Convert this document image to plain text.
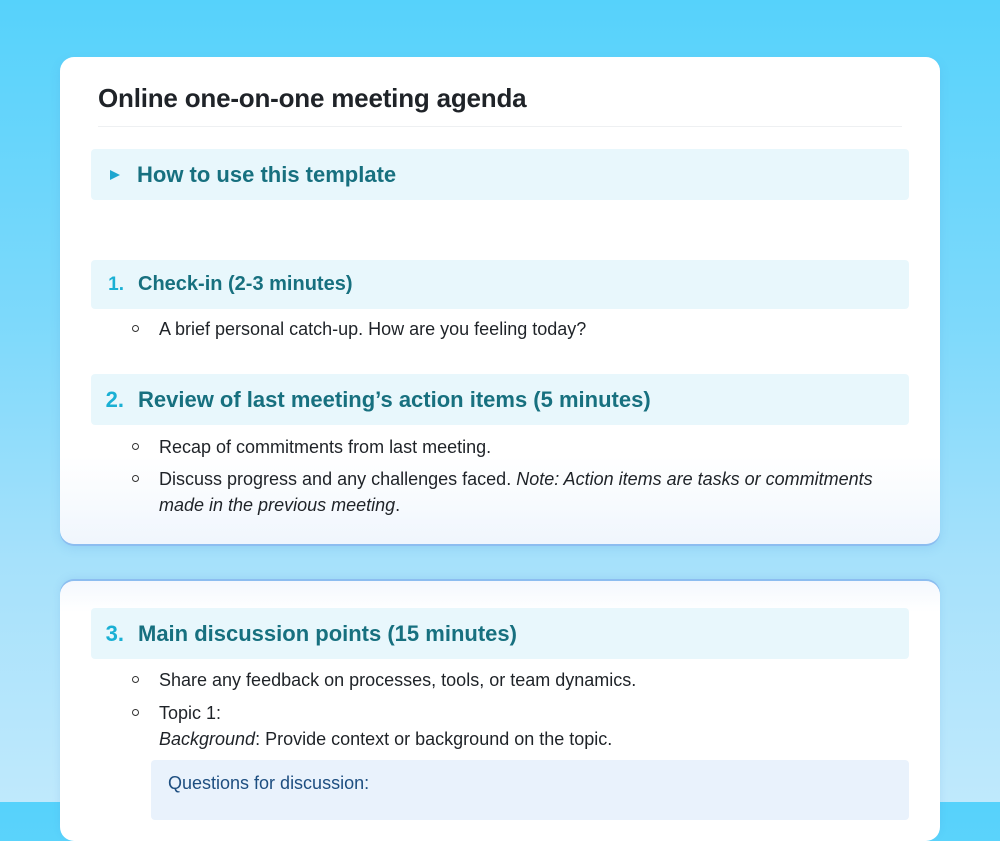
Online one-on-one meeting agenda
How to use this template
1. Check-in (2-3 minutes)
A brief personal catch-up. How are you feeling today?
2. Review of last meeting’s action items (5 minutes)
Recap of commitments from last meeting.
Discuss progress and any challenges faced. Note: Action items are tasks or commitments made in the previous meeting.
3. Main discussion points (15 minutes)
Share any feedback on processes, tools, or team dynamics.
Topic 1:
Background: Provide context or background on the topic.
Questions for discussion:
